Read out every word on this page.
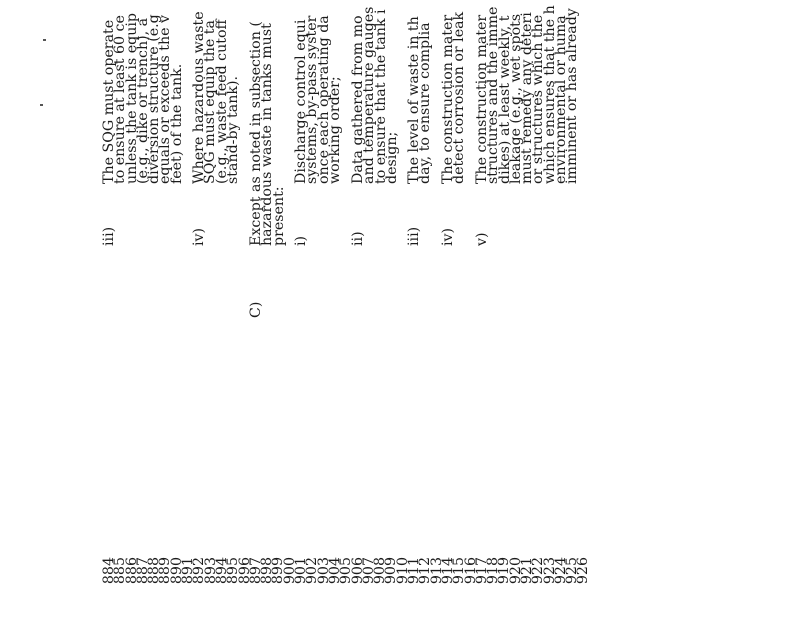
884
885
886
887
888
889
890
891
892
893
894
895
896
897
898
899
900
901
902
903
904
905
906
907
908
909
910
911
912
913
914
915
916
917
918
919
920
921
922
923
924
925
926
iii)
The SQG must operate
to ensure at least 60 ce
unless the tank is equip
(e.g., dike or trench), a
diversion structure (e.g
equals or exceeds the v
feet) of the tank.
iv)
Where hazardous waste
SQG must equip the ta
(e.g., waste feed cutoff
stand-by tank).
C)
Except as noted in subsection (
hazardous waste in tanks must
present: i)
Discharge control equi
systems, by-pass syster
once each operating da
working order;
ii)
Data gathered from mo
and temperature gauges
to ensure that the tank i
design;
iii)
The level of waste in th
day, to ensure complia
iv)
The construction mater
detect corrosion or leak
v)
The construction mater
structures and the imme
dikes) at least weekly, t
leakage (e.g., wet spots
must remedy any deteri
or structures which the
which ensures that the h
environmental or huma
imminent or has already
